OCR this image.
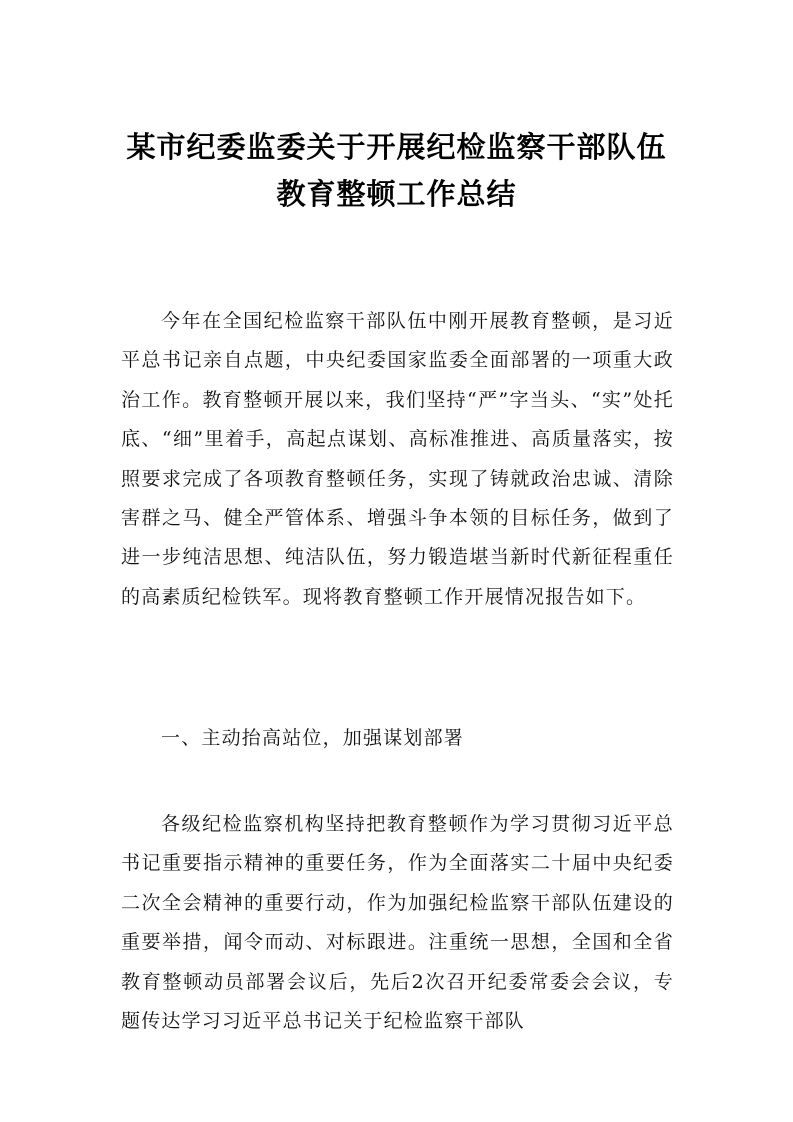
某市纪委监委关于开展纪检监察干部队伍
教育整顿工作总结

今年在全国纪检监察干部队伍中刚开展教育整顿，是习近平总书记亲自点题，中央纪委国家监委全面部署的一项重大政治工作。教育整顿开展以来，我们坚持“严”字当头、“实”处托底、“细”里着手，高起点谋划、高标准推进、高质量落实，按照要求完成了各项教育整顿任务，实现了铸就政治忠诚、清除害群之马、健全严管体系、增强斗争本领的目标任务，做到了进一步纯洁思想、纯洁队伍，努力锻造堪当新时代新征程重任的高素质纪检铁军。现将教育整顿工作开展情况报告如下。

一、主动抬高站位，加强谋划部署

各级纪检监察机构坚持把教育整顿作为学习贯彻习近平总书记重要指示精神的重要任务，作为全面落实二十届中央纪委二次全会精神的重要行动，作为加强纪检监察干部队伍建设的重要举措，闻令而动、对标跟进。注重统一思想，全国和全省教育整顿动员部署会议后，先后2次召开纪委常委会会议，专题传达学习习近平总书记关于纪检监察干部队
